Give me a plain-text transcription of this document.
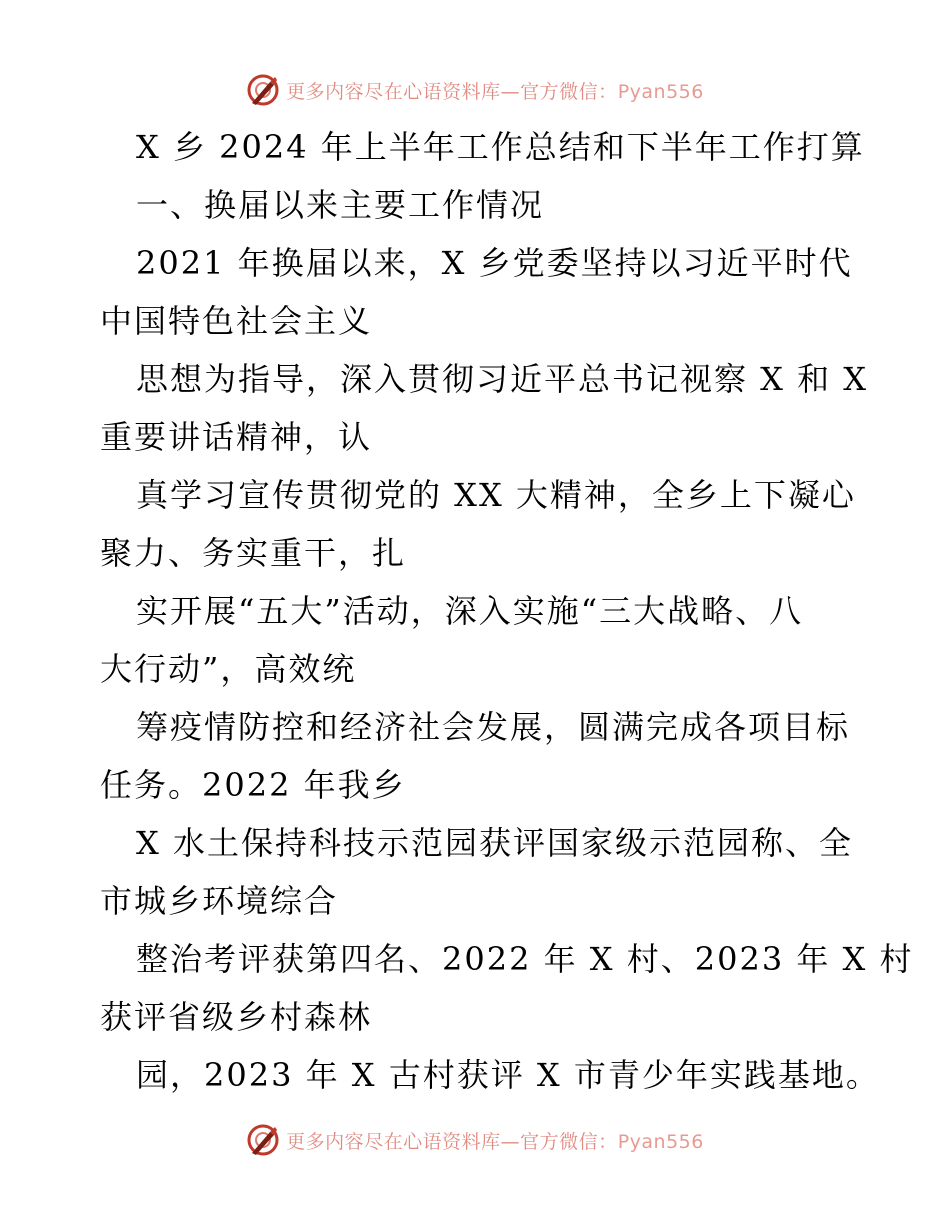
更多内容尽在心语资料库—官方微信：Pyan556
X 乡 2024 年上半年工作总结和下半年工作打算
一、换届以来主要工作情况
2021 年换届以来，X 乡党委坚持以习近平时代
中国特色社会主义
思想为指导，深入贯彻习近平总书记视察 X 和 X
重要讲话精神，认
真学习宣传贯彻党的 XX 大精神，全乡上下凝心
聚力、务实重干，扎
实开展“五大”活动，深入实施“三大战略、八
大行动”，高效统
筹疫情防控和经济社会发展，圆满完成各项目标
任务。2022 年我乡
X 水土保持科技示范园获评国家级示范园称、全
市城乡环境综合
整治考评获第四名、2022 年 X 村、2023 年 X 村
获评省级乡村森林
园，2023 年 X 古村获评 X 市青少年实践基地。
更多内容尽在心语资料库—官方微信：Pyan556
